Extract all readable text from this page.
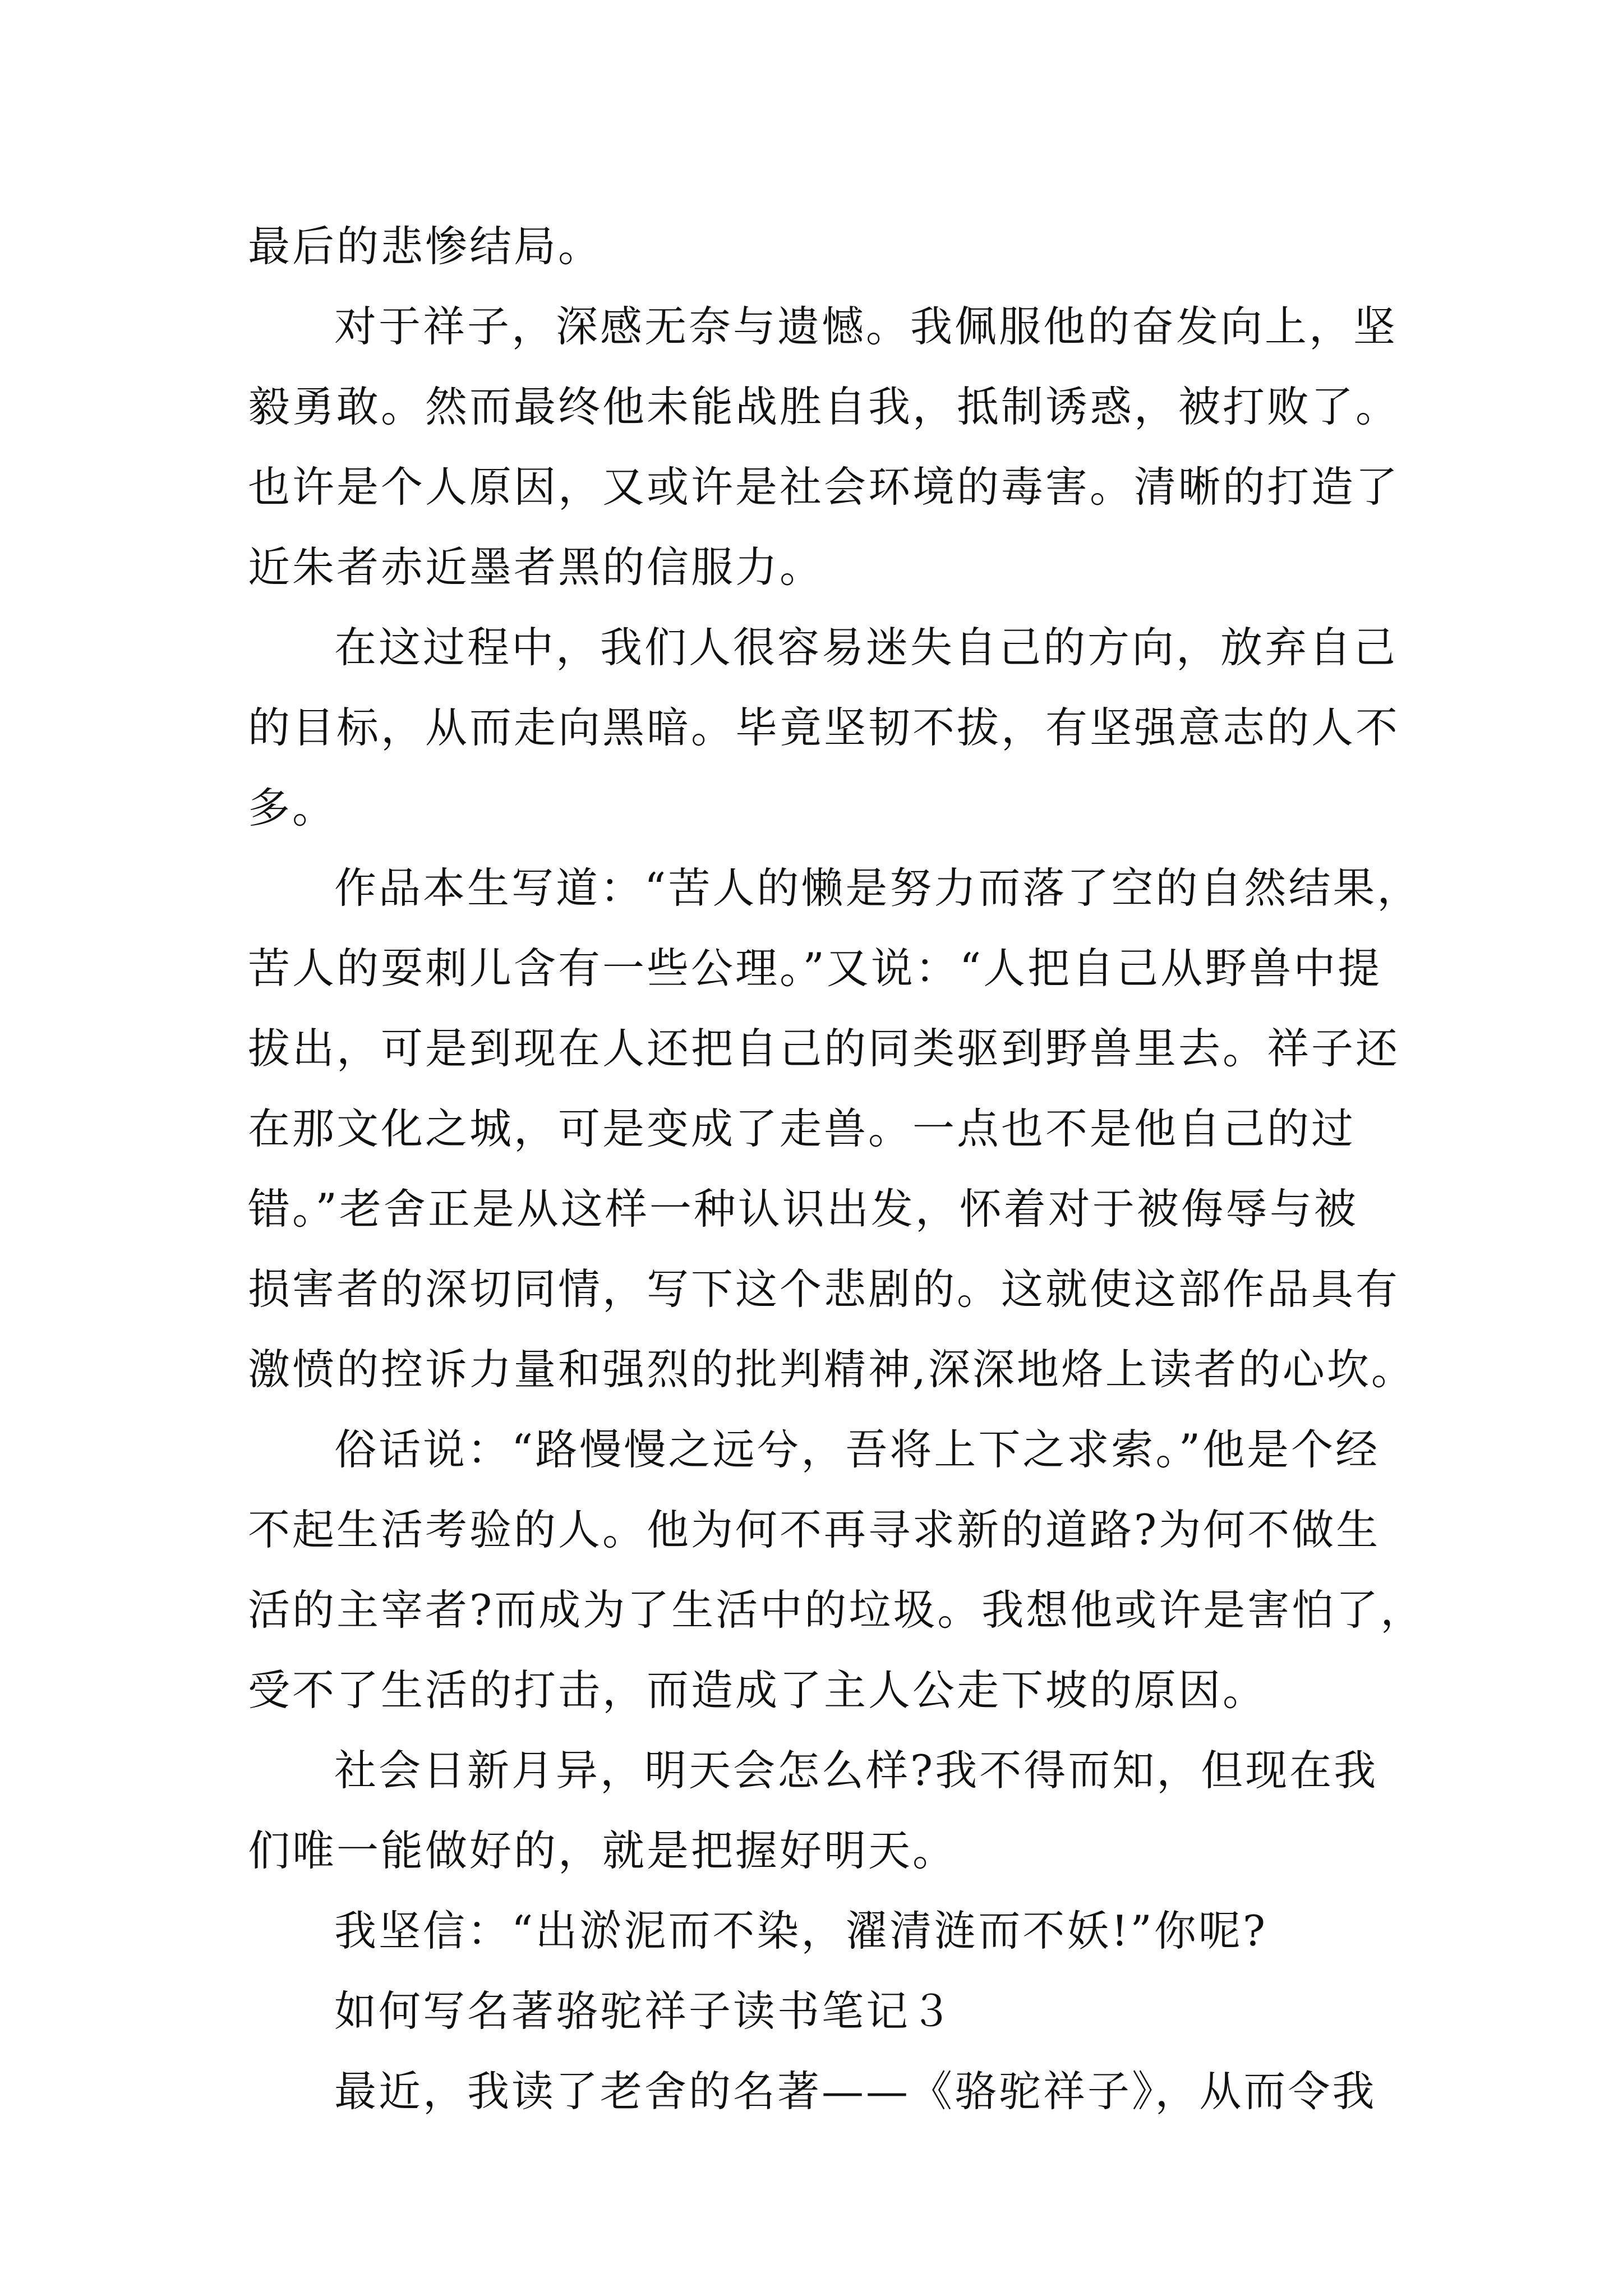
最后的悲惨结局。

对于祥子，深感无奈与遗憾。我佩服他的奋发向上，坚
毅勇敢。然而最终他未能战胜自我，抵制诱惑，被打败了。
也许是个人原因，又或许是社会环境的毒害。清晰的打造了
近朱者赤近墨者黑的信服力。

在这过程中，我们人很容易迷失自己的方向，放弃自己
的目标，从而走向黑暗。毕竟坚韧不拔，有坚强意志的人不
多。

作品本生写道：“苦人的懒是努力而落了空的自然结果，
苦人的耍刺儿含有一些公理。”又说：“人把自己从野兽中提
拔出，可是到现在人还把自己的同类驱到野兽里去。祥子还
在那文化之城，可是变成了走兽。一点也不是他自己的过
错。”老舍正是从这样一种认识出发，怀着对于被侮辱与被
损害者的深切同情，写下这个悲剧的。这就使这部作品具有
激愤的控诉力量和强烈的批判精神,深深地烙上读者的心坎。

俗话说：“路慢慢之远兮，吾将上下之求索。”他是个经
不起生活考验的人。他为何不再寻求新的道路?为何不做生
活的主宰者?而成为了生活中的垃圾。我想他或许是害怕了，
受不了生活的打击，而造成了主人公走下坡的原因。

社会日新月异，明天会怎么样?我不得而知，但现在我
们唯一能做好的，就是把握好明天。

我坚信：“出淤泥而不染，濯清涟而不妖!”你呢?

如何写名著骆驼祥子读书笔记３

最近，我读了老舍的名著——《骆驼祥子》，从而令我
